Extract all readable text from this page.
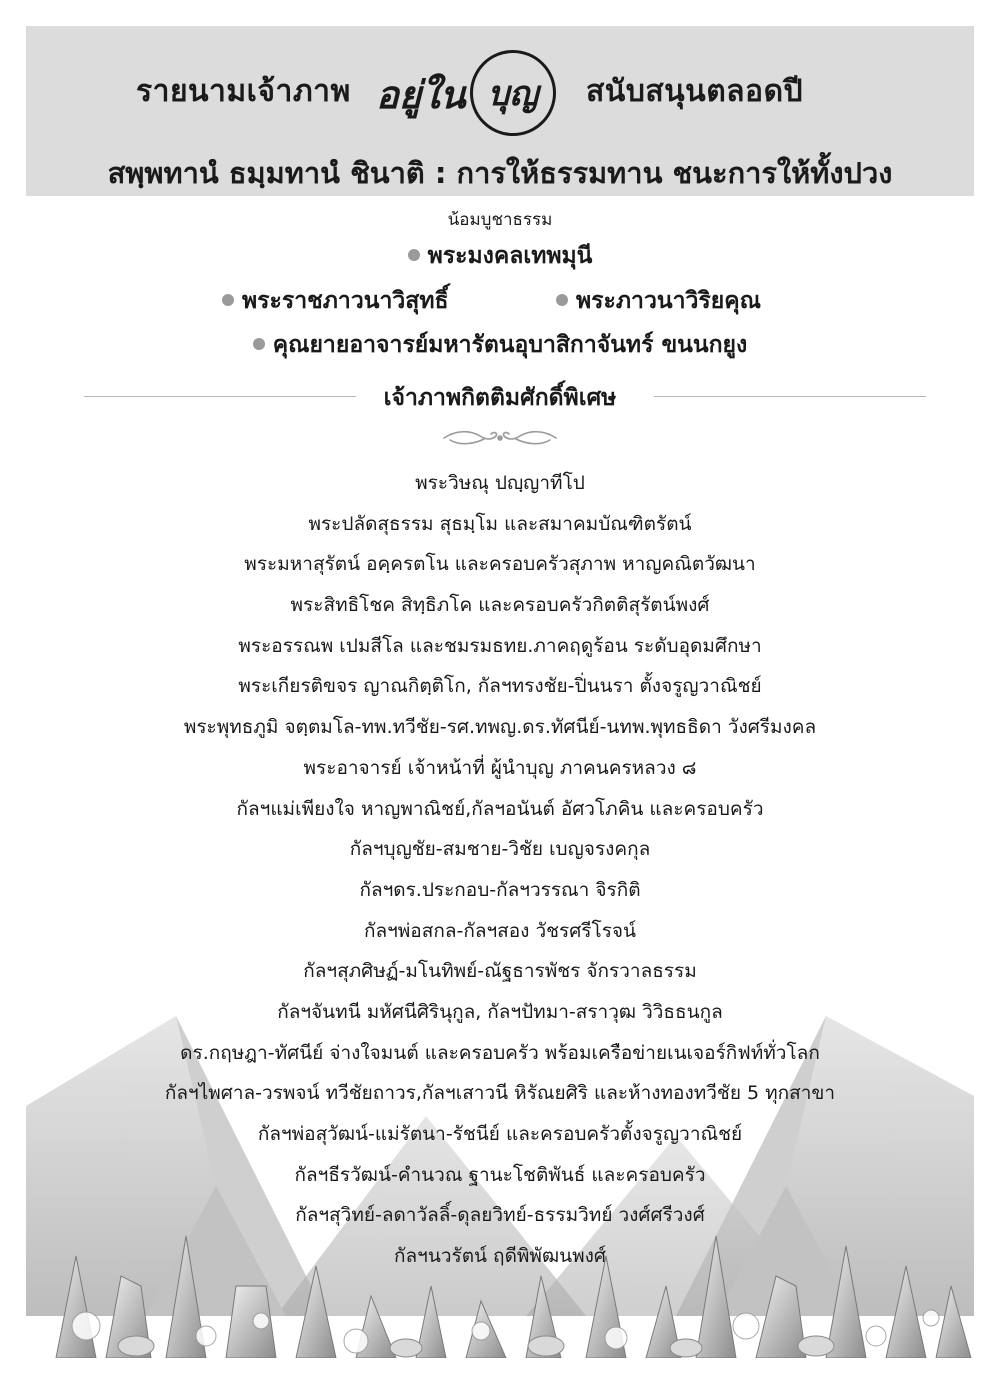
รายนามเจ้าภาพ อยู่ใน บุญ	สนับสนุนตลอดปี
สพฺพทานํ ธมฺมทานํ ชินาติ : การให้ธรรมทาน ชนะการให้ทั้งปวง
น้อมบูชาธรรม
พระมงคลเทพมุนี
พระราชภาวนาวิสุทธิ์	พระภาวนาวิริยคุณ
คุณยายอาจารย์มหารัตนอุบาสิกาจันทร์ ขนนกยูง
เจ้าภาพกิตติมศักดิ์พิเศษ
พระวิษณุ ปญฺญาทีโป
พระปลัดสุธรรม สุธมฺโม และสมาคมบัณฑิตรัตน์
พระมหาสุรัตน์ อคฺครตโน และครอบครัวสุภาพ หาญคณิตวัฒนา
พระสิทธิโชค สิทฺธิภโค และครอบครัวกิตติสุรัตน์พงศ์
พระอรรณพ เปมสีโล และชมรมธทย.ภาคฤดูร้อน ระดับอุดมศึกษา
พระเกียรติขจร ญาณกิตฺติโก, กัลฯทรงชัย-ปิ่นนรา ตั้งจรูญวาณิชย์
พระพุทธภูมิ จตฺตมโล-ทพ.ทวีชัย-รศ.ทพญ.ดร.ทัศนีย์-นทพ.พุทธธิดา วังศรีมงคล
พระอาจารย์ เจ้าหน้าที่ ผู้นำบุญ ภาคนครหลวง ๘
กัลฯแม่เพียงใจ หาญพาณิชย์,กัลฯอนันต์ อัศวโภคิน และครอบครัว
กัลฯบุญชัย-สมชาย-วิชัย เบญจรงคกุล
กัลฯดร.ประกอบ-กัลฯวรรณา จิรกิติ
กัลฯพ่อสกล-กัลฯสอง วัชรศรีโรจน์
กัลฯสุภศิษฏ์-มโนทิพย์-ณัฐธารพัชร จักรวาลธรรม
กัลฯจันทนี มหัศนีศิรินุกูล, กัลฯปัทมา-สราวุฒ วิวิธธนกูล
ดร.กฤษฎา-ทัศนีย์ จ่างใจมนต์ และครอบครัว พร้อมเครือข่ายเนเจอร์กิฟท์ทั่วโลก
กัลฯไพศาล-วรพจน์ ทวีชัยถาวร,กัลฯเสาวนี หิรัณยศิริ และห้างทองทวีชัย 5 ทุกสาขา
กัลฯพ่อสุวัฒน์-แม่รัตนา-รัชนีย์ และครอบครัวตั้งจรูญวาณิชย์
กัลฯธีรวัฒน์-คำนวณ ฐานะโชติพันธ์ และครอบครัว
กัลฯสุวิทย์-ลดาวัลลิ์-ดุลยวิทย์-ธรรมวิทย์ วงศ์ศรีวงศ์
กัลฯนวรัตน์ ฤดีพิพัฒนพงศ์
